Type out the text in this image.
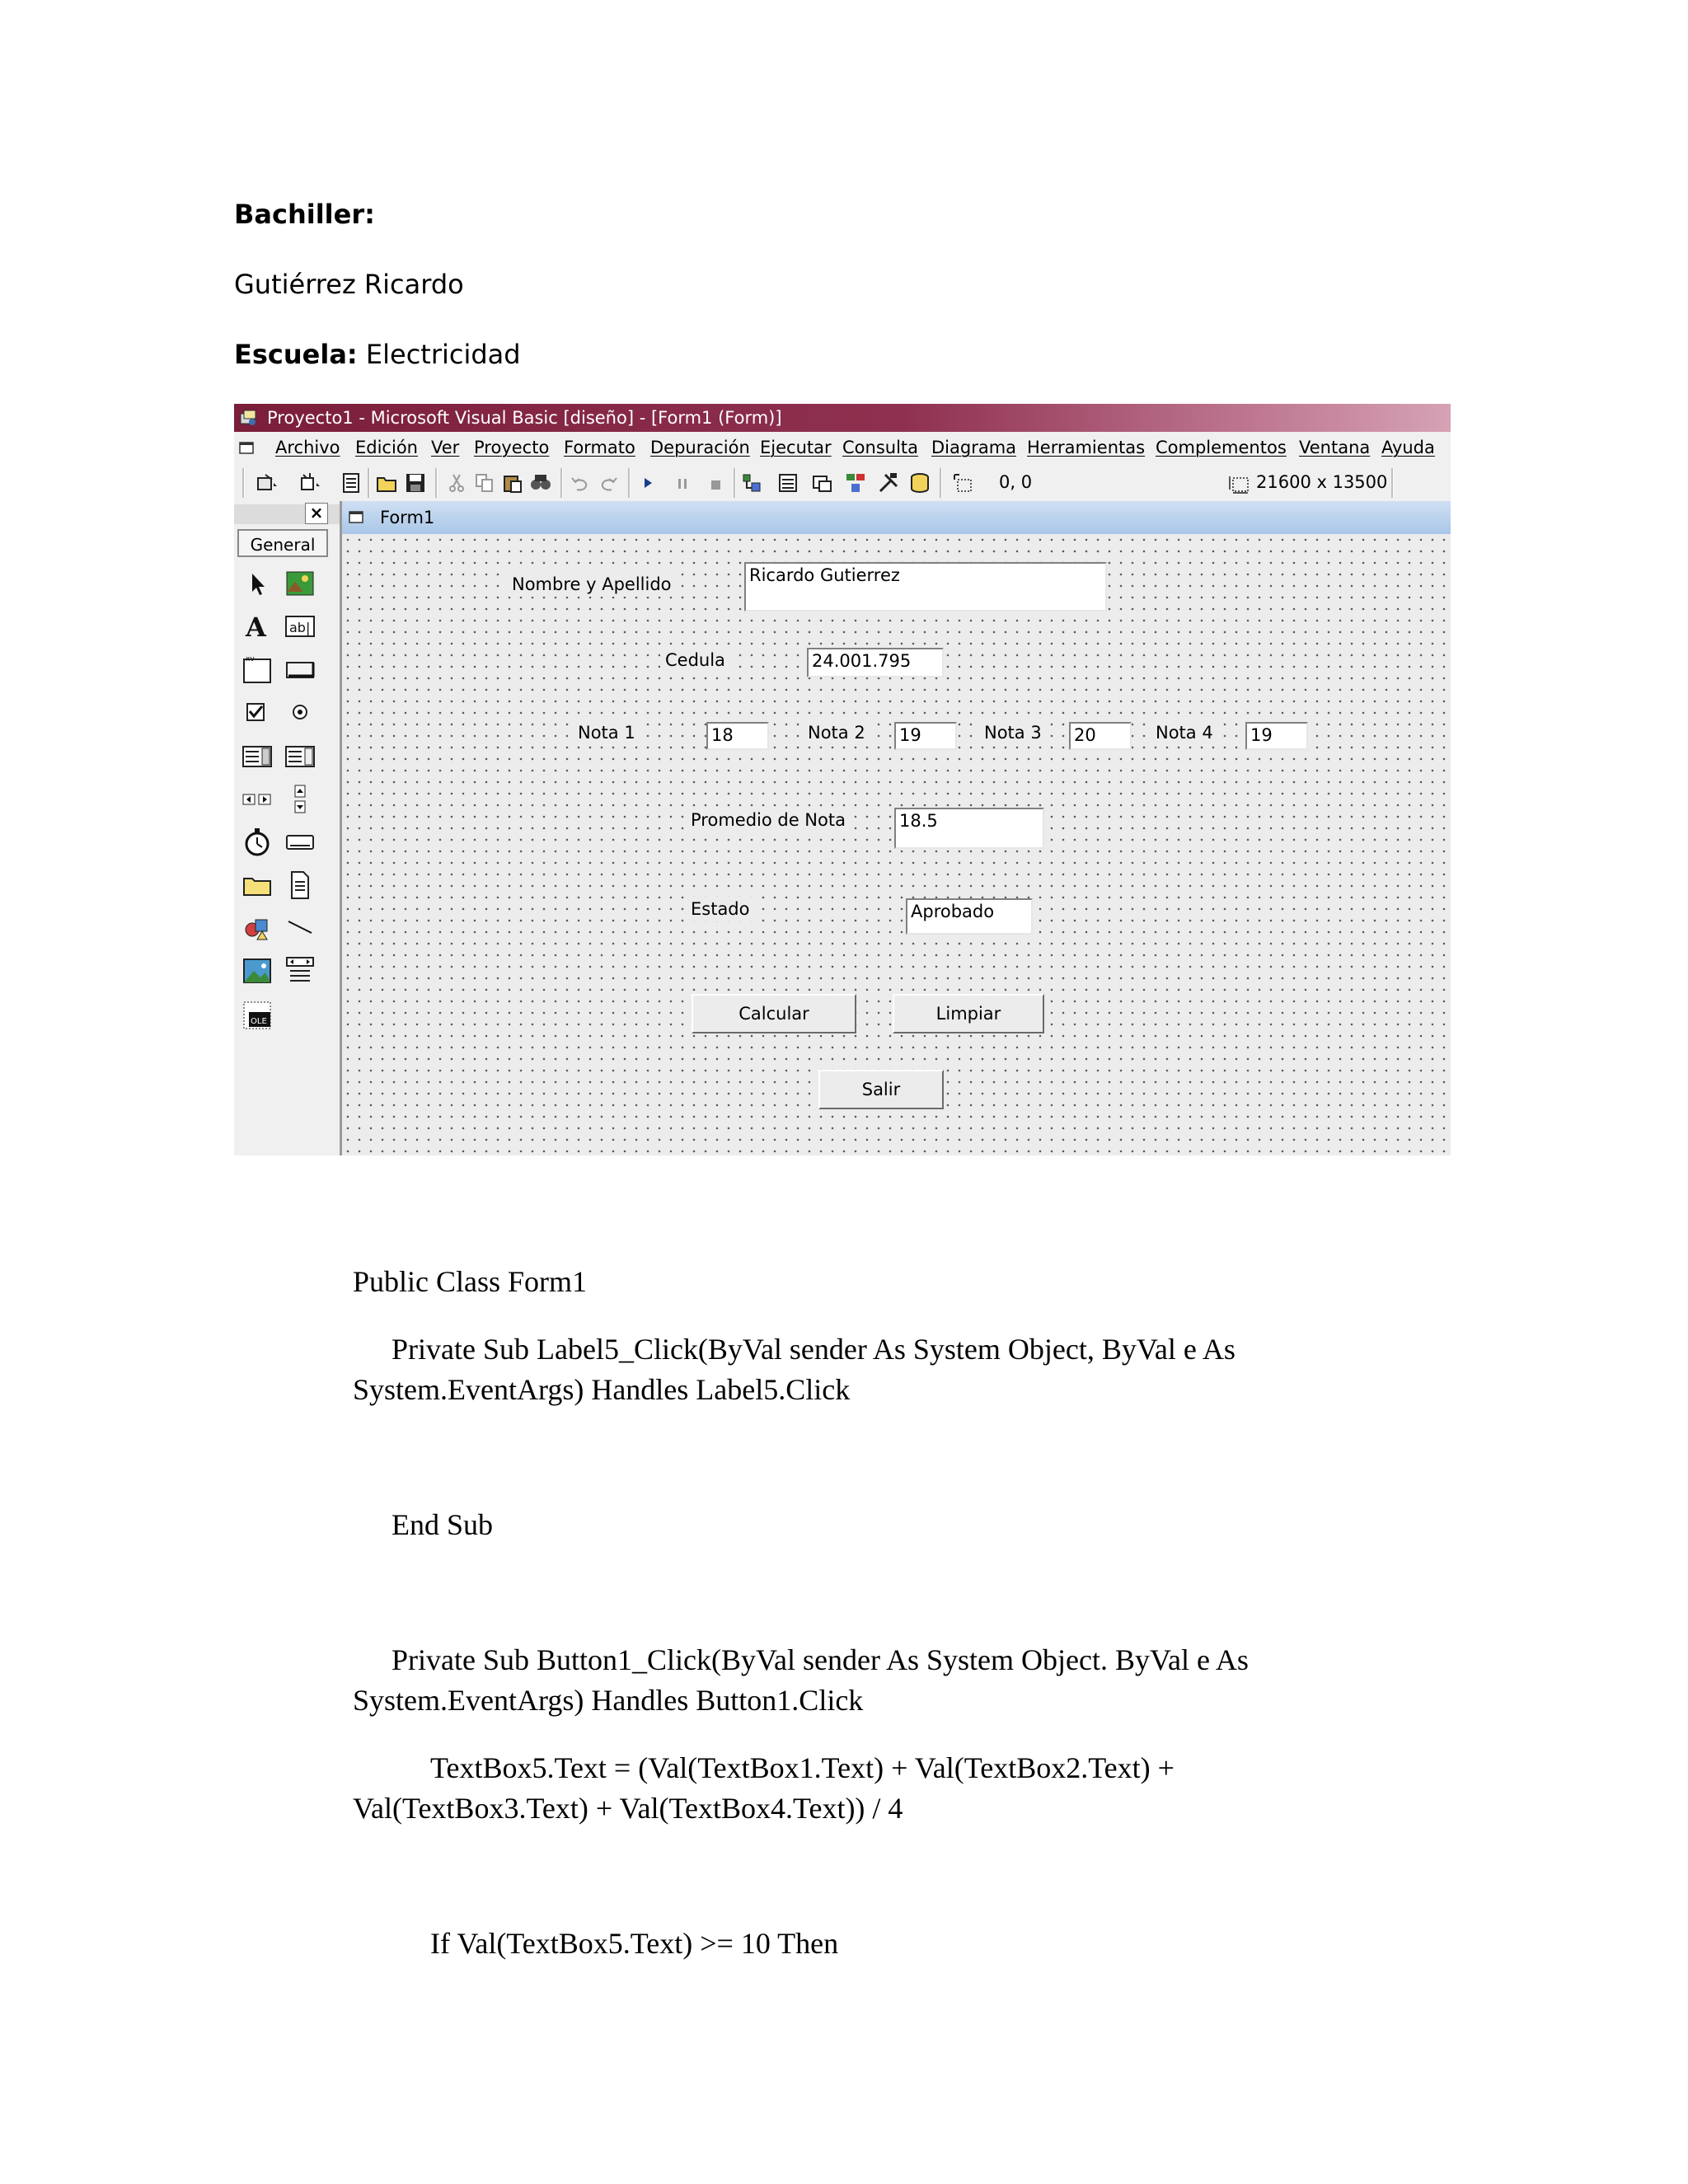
Bachiller:
Gutiérrez Ricardo
Escuela: Electricidad
Proyecto1 - Microsoft Visual Basic [diseño] - [Form1 (Form)]
Archivo Edición Ver Proyecto Formato Depuración Ejecutar Consulta Diagrama Herramientas Complementos Ventana Ayuda
0, 0	21600 x 13500
×
General
A ab|
xv
OLE
Form1
Nombre y Apellido	Ricardo Gutierrez
Cedula	24.001.795
Nota 1	18	Nota 2 19	Nota 3 20	Nota 4 19
Promedio de Nota	18.5
Estado	Aprobado
Calcular	Limpiar
Salir
Public Class Form1
Private Sub Label5_Click(ByVal sender As System Object, ByVal e As
System.EventArgs) Handles Label5.Click
End Sub
Private Sub Button1_Click(ByVal sender As System Object. ByVal e As
System.EventArgs) Handles Button1.Click
TextBox5.Text = (Val(TextBox1.Text) + Val(TextBox2.Text) +
Val(TextBox3.Text) + Val(TextBox4.Text)) / 4
If Val(TextBox5.Text) >= 10 Then
